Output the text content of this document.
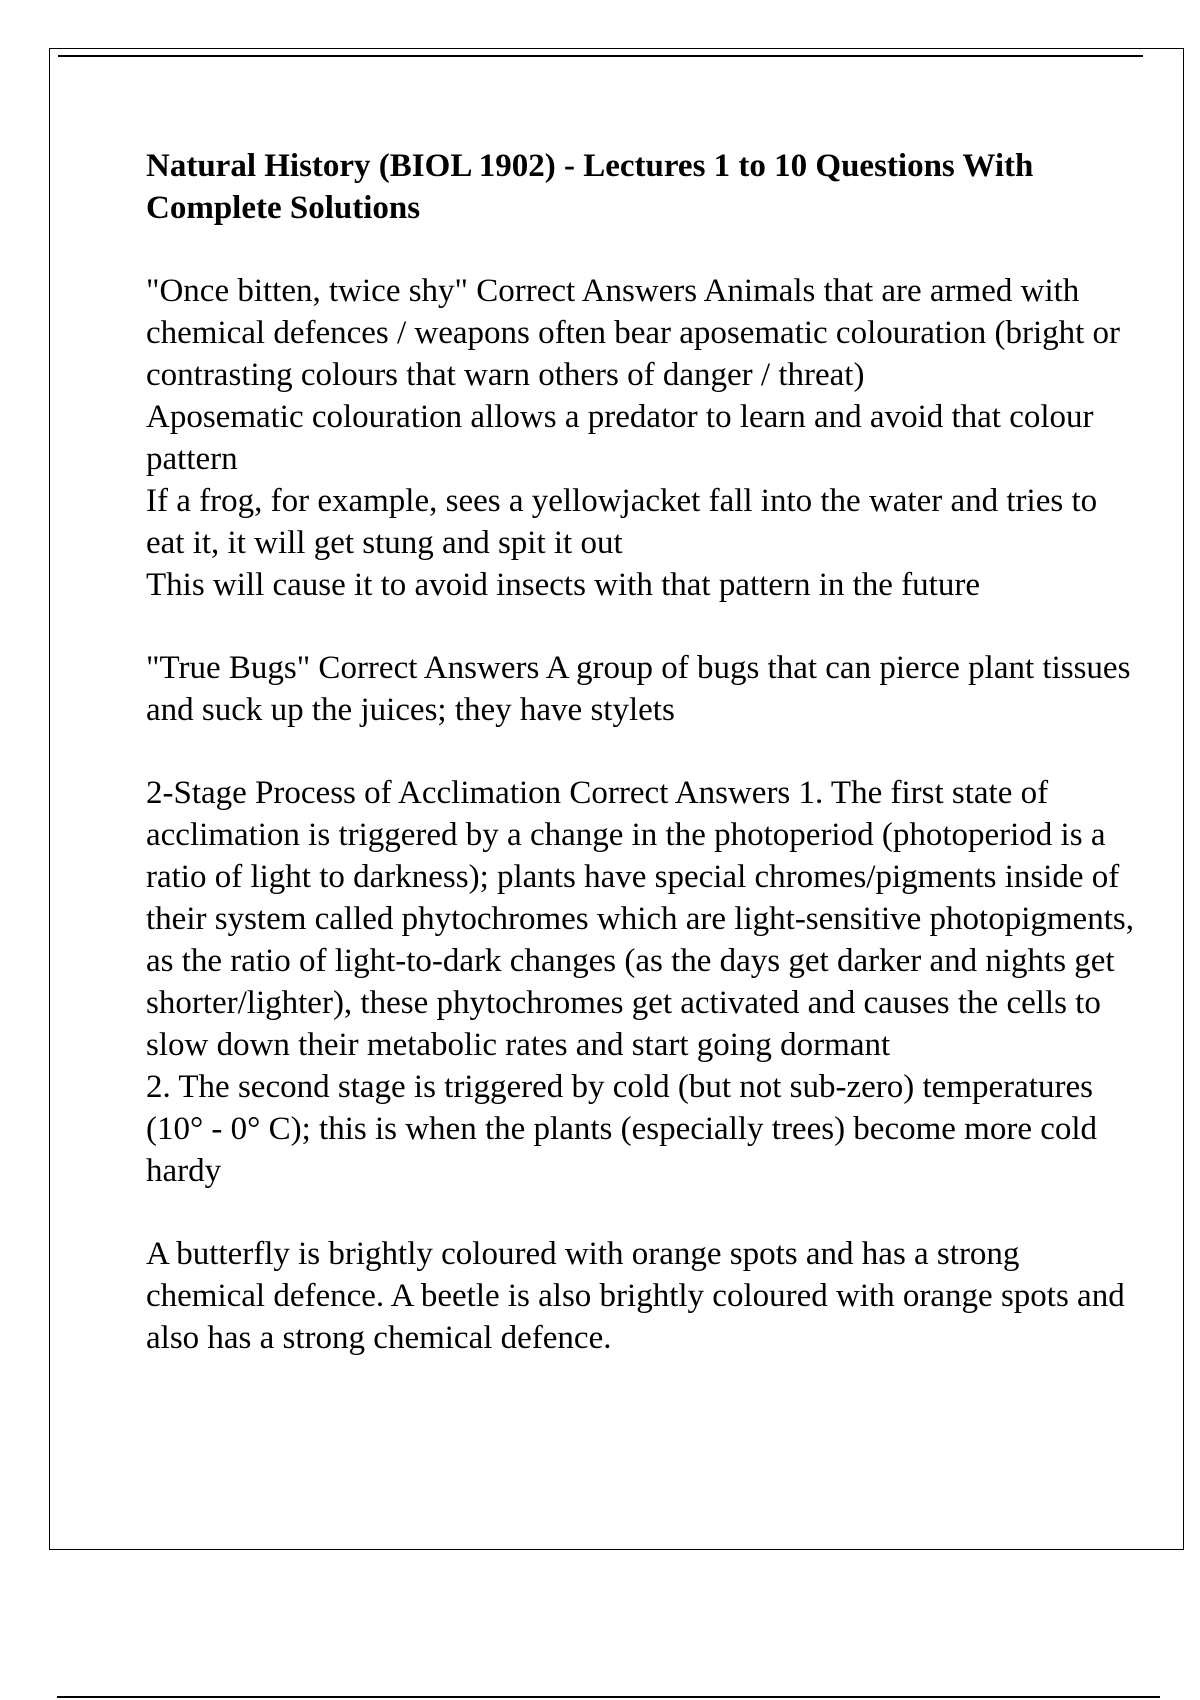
Natural History (BIOL 1902) - Lectures 1 to 10 Questions With Complete Solutions
"Once bitten, twice shy" Correct Answers Animals that are armed with chemical defences / weapons often bear aposematic colouration (bright or contrasting colours that warn others of danger / threat)
Aposematic colouration allows a predator to learn and avoid that colour pattern
If a frog, for example, sees a yellowjacket fall into the water and tries to eat it, it will get stung and spit it out
This will cause it to avoid insects with that pattern in the future
"True Bugs" Correct Answers A group of bugs that can pierce plant tissues and suck up the juices; they have stylets
2-Stage Process of Acclimation Correct Answers 1. The first state of acclimation is triggered by a change in the photoperiod (photoperiod is a ratio of light to darkness); plants have special chromes/pigments inside of their system called phytochromes which are light-sensitive photopigments, as the ratio of light-to-dark changes (as the days get darker and nights get shorter/lighter), these phytochromes get activated and causes the cells to slow down their metabolic rates and start going dormant
2. The second stage is triggered by cold (but not sub-zero) temperatures (10° - 0° C); this is when the plants (especially trees) become more cold hardy
A butterfly is brightly coloured with orange spots and has a strong chemical defence. A beetle is also brightly coloured with orange spots and also has a strong chemical defence.
